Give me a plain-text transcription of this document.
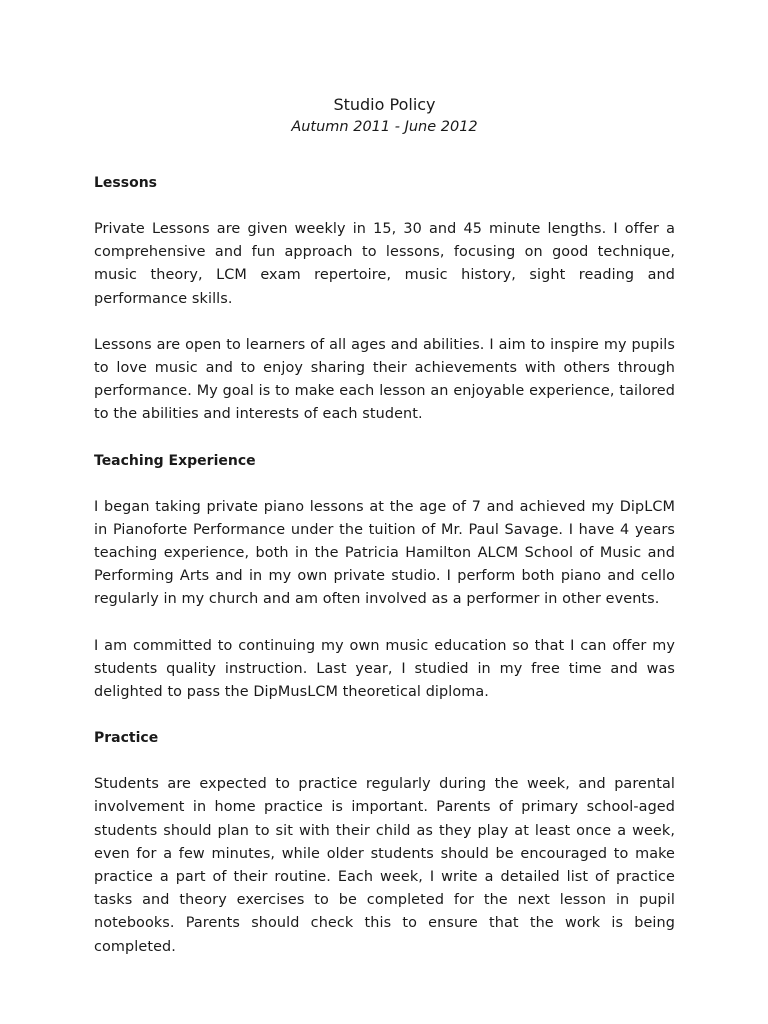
Studio Policy
Autumn 2011 - June 2012
Lessons

Private Lessons are given weekly in 15, 30 and 45 minute lengths. I offer a comprehensive and fun approach to lessons, focusing on good technique, music theory, LCM exam repertoire, music history, sight reading and performance skills.

Lessons are open to learners of all ages and abilities. I aim to inspire my pupils to love music and to enjoy sharing their achievements with others through performance. My goal is to make each lesson an enjoyable experience, tailored to the abilities and interests of each student.

Teaching Experience

I began taking private piano lessons at the age of 7 and achieved my DipLCM in Pianoforte Performance under the tuition of Mr. Paul Savage. I have 4 years teaching experience, both in the Patricia Hamilton ALCM School of Music and Performing Arts and in my own private studio. I perform both piano and cello regularly in my church and am often involved as a performer in other events.

I am committed to continuing my own music education so that I can offer my students quality instruction. Last year, I studied in my free time and was delighted to pass the DipMusLCM theoretical diploma.

Practice

Students are expected to practice regularly during the week, and parental involvement in home practice is important. Parents of primary school-aged students should plan to sit with their child as they play at least once a week, even for a few minutes, while older students should be encouraged to make practice a part of their routine. Each week, I write a detailed list of practice tasks and theory exercises to be completed for the next lesson in pupil notebooks. Parents should check this to ensure that the work is being completed.
